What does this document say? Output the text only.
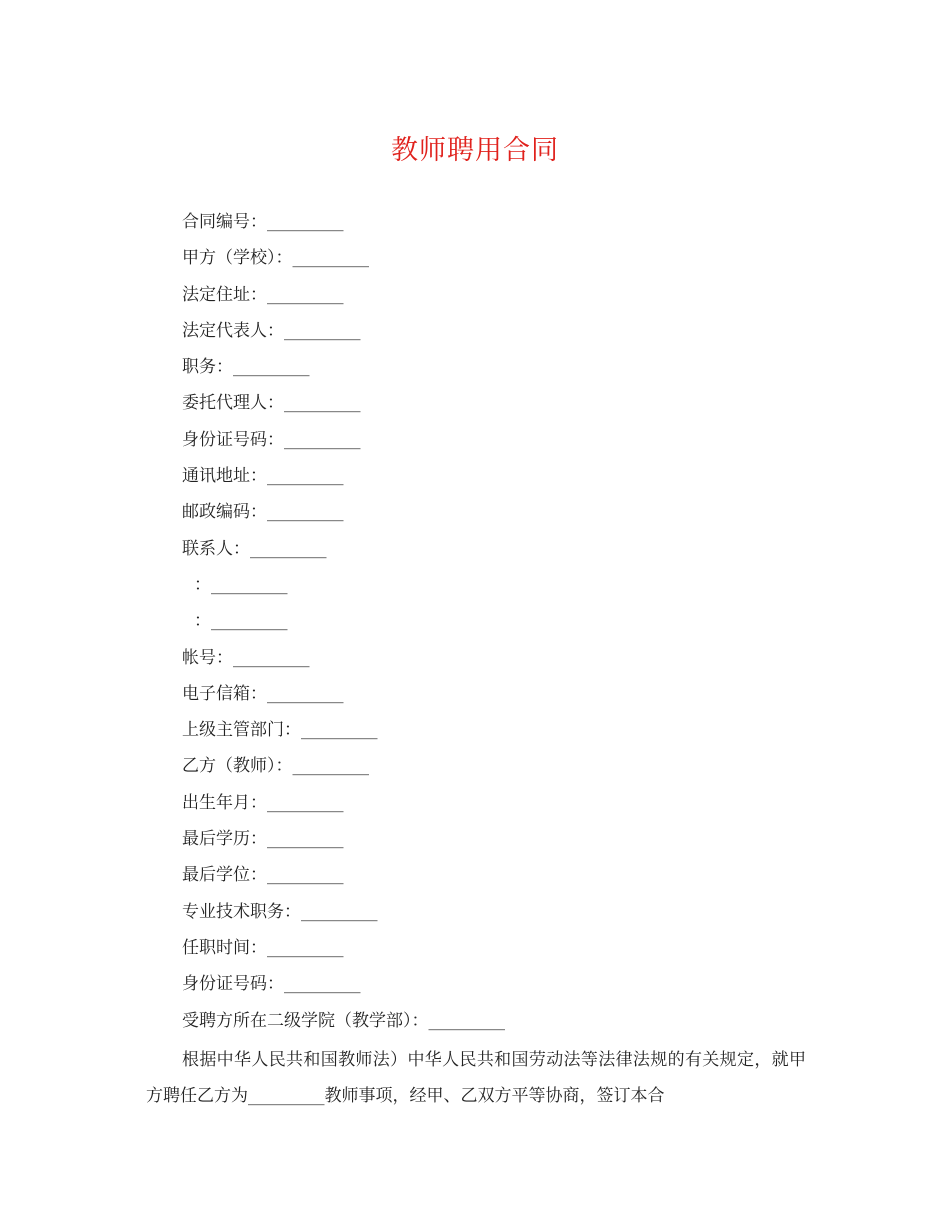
教师聘用合同
合同编号：_________
甲方（学校）：_________
法定住址：_________
法定代表人：_________
职务：_________
委托代理人：_________
身份证号码：_________
通讯地址：_________
邮政编码：_________
联系人：_________
：_________
：_________
帐号：_________
电子信箱：_________
上级主管部门：_________
乙方（教师）：_________
出生年月：_________
最后学历：_________
最后学位：_________
专业技术职务：_________
任职时间：_________
身份证号码：_________
受聘方所在二级学院（教学部）：_________
根据中华人民共和国教师法）中华人民共和国劳动法等法律法规的有关规定，就甲方聘任乙方为_________教师事项，经甲、乙双方平等协商，签订本合
